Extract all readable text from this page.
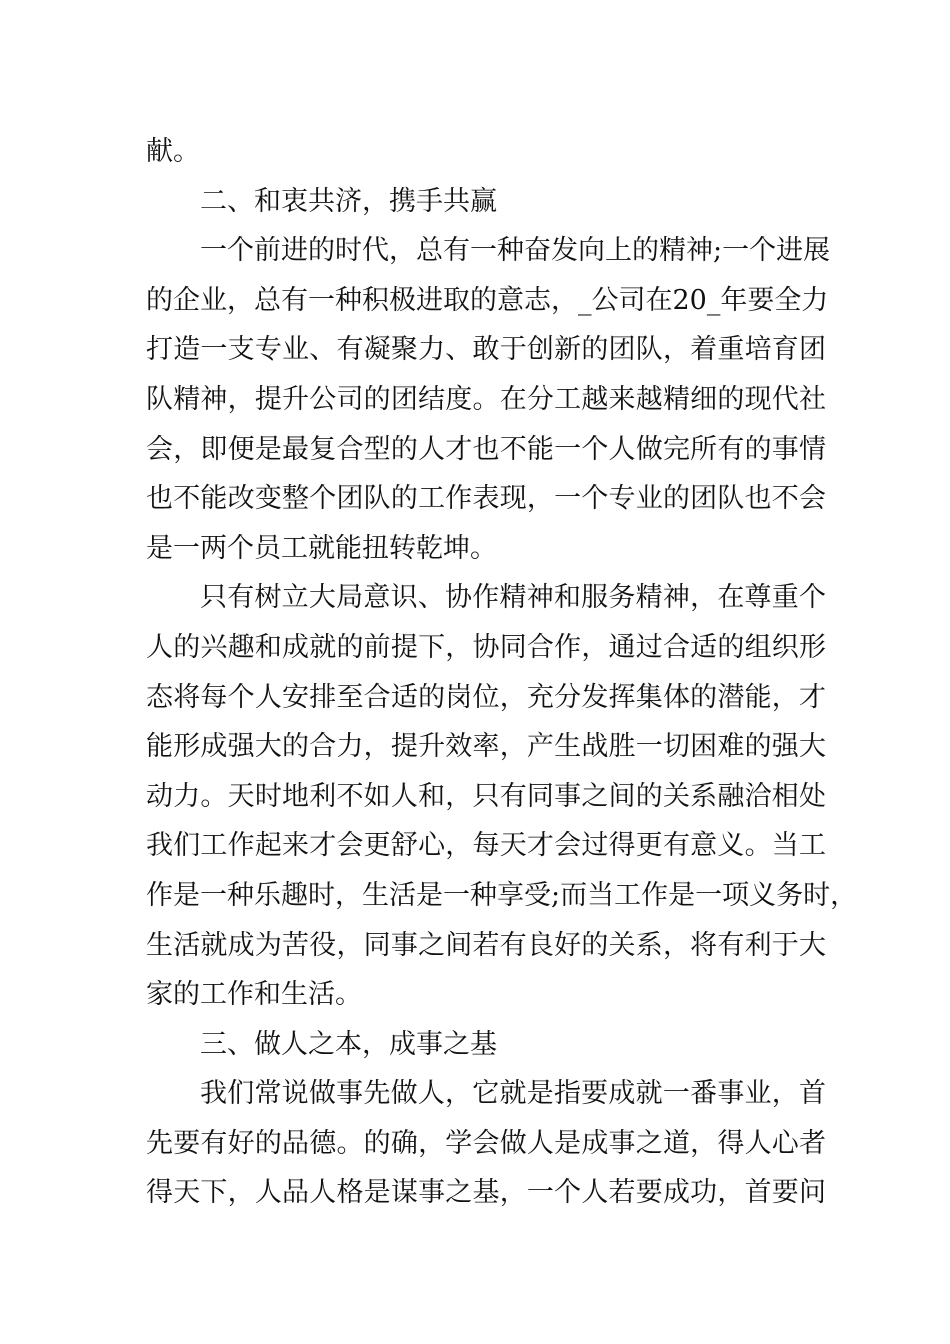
献。
二、和衷共济，携手共赢
一个前进的时代，总有一种奋发向上的精神;一个进展
的企业，总有一种积极进取的意志，_公司在20_年要全力
打造一支专业、有凝聚力、敢于创新的团队，着重培育团
队精神，提升公司的团结度。在分工越来越精细的现代社
会，即便是最复合型的人才也不能一个人做完所有的事情
也不能改变整个团队的工作表现，一个专业的团队也不会
是一两个员工就能扭转乾坤。
只有树立大局意识、协作精神和服务精神，在尊重个
人的兴趣和成就的前提下，协同合作，通过合适的组织形
态将每个人安排至合适的岗位，充分发挥集体的潜能，才
能形成强大的合力，提升效率，产生战胜一切困难的强大
动力。天时地利不如人和，只有同事之间的关系融洽相处
我们工作起来才会更舒心，每天才会过得更有意义。当工
作是一种乐趣时，生活是一种享受;而当工作是一项义务时，
生活就成为苦役，同事之间若有良好的关系，将有利于大
家的工作和生活。
三、做人之本，成事之基
我们常说做事先做人，它就是指要成就一番事业，首
先要有好的品德。的确，学会做人是成事之道，得人心者
得天下，人品人格是谋事之基，一个人若要成功，首要问
